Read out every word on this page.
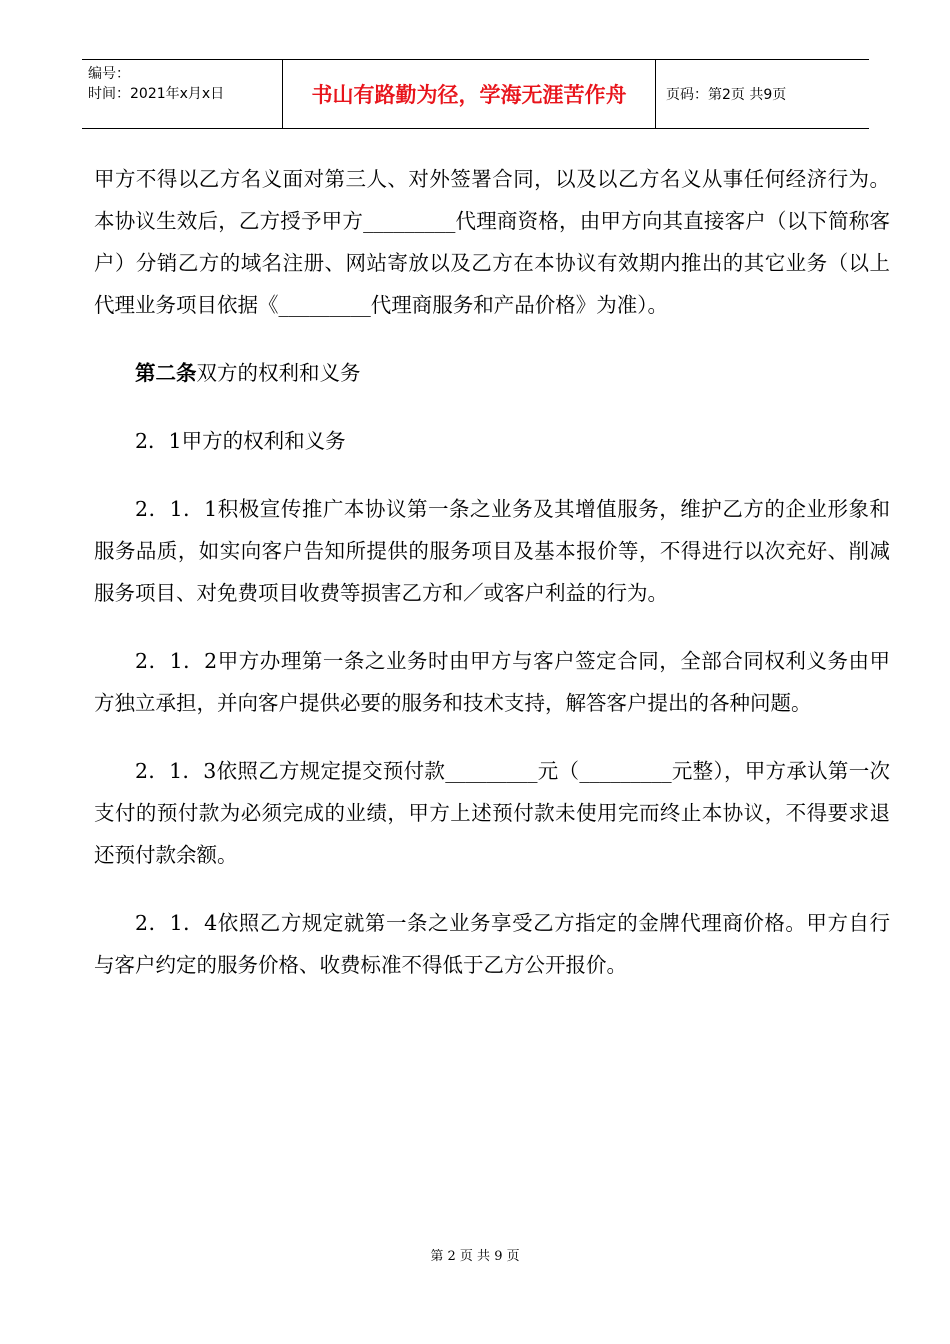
编号：
时间：2021年x月x日	书山有路勤为径，学海无涯苦作舟	页码：第2页 共9页

甲方不得以乙方名义面对第三人、对外签署合同，以及以乙方名义从事任何经济行为。本协议生效后，乙方授予甲方_________代理商资格，由甲方向其直接客户（以下简称客户）分销乙方的域名注册、网站寄放以及乙方在本协议有效期内推出的其它业务（以上代理业务项目依据《_________代理商服务和产品价格》为准）。

第二条双方的权利和义务

2．1甲方的权利和义务

2．1．1积极宣传推广本协议第一条之业务及其增值服务，维护乙方的企业形象和服务品质，如实向客户告知所提供的服务项目及基本报价等，不得进行以次充好、削减服务项目、对免费项目收费等损害乙方和／或客户利益的行为。

2．1．2甲方办理第一条之业务时由甲方与客户签定合同，全部合同权利义务由甲方独立承担，并向客户提供必要的服务和技术支持，解答客户提出的各种问题。

2．1．3依照乙方规定提交预付款_________元（_________元整），甲方承认第一次支付的预付款为必须完成的业绩，甲方上述预付款未使用完而终止本协议，不得要求退还预付款余额。

2．1．4依照乙方规定就第一条之业务享受乙方指定的金牌代理商价格。甲方自行与客户约定的服务价格、收费标准不得低于乙方公开报价。

第 2 页 共 9 页
